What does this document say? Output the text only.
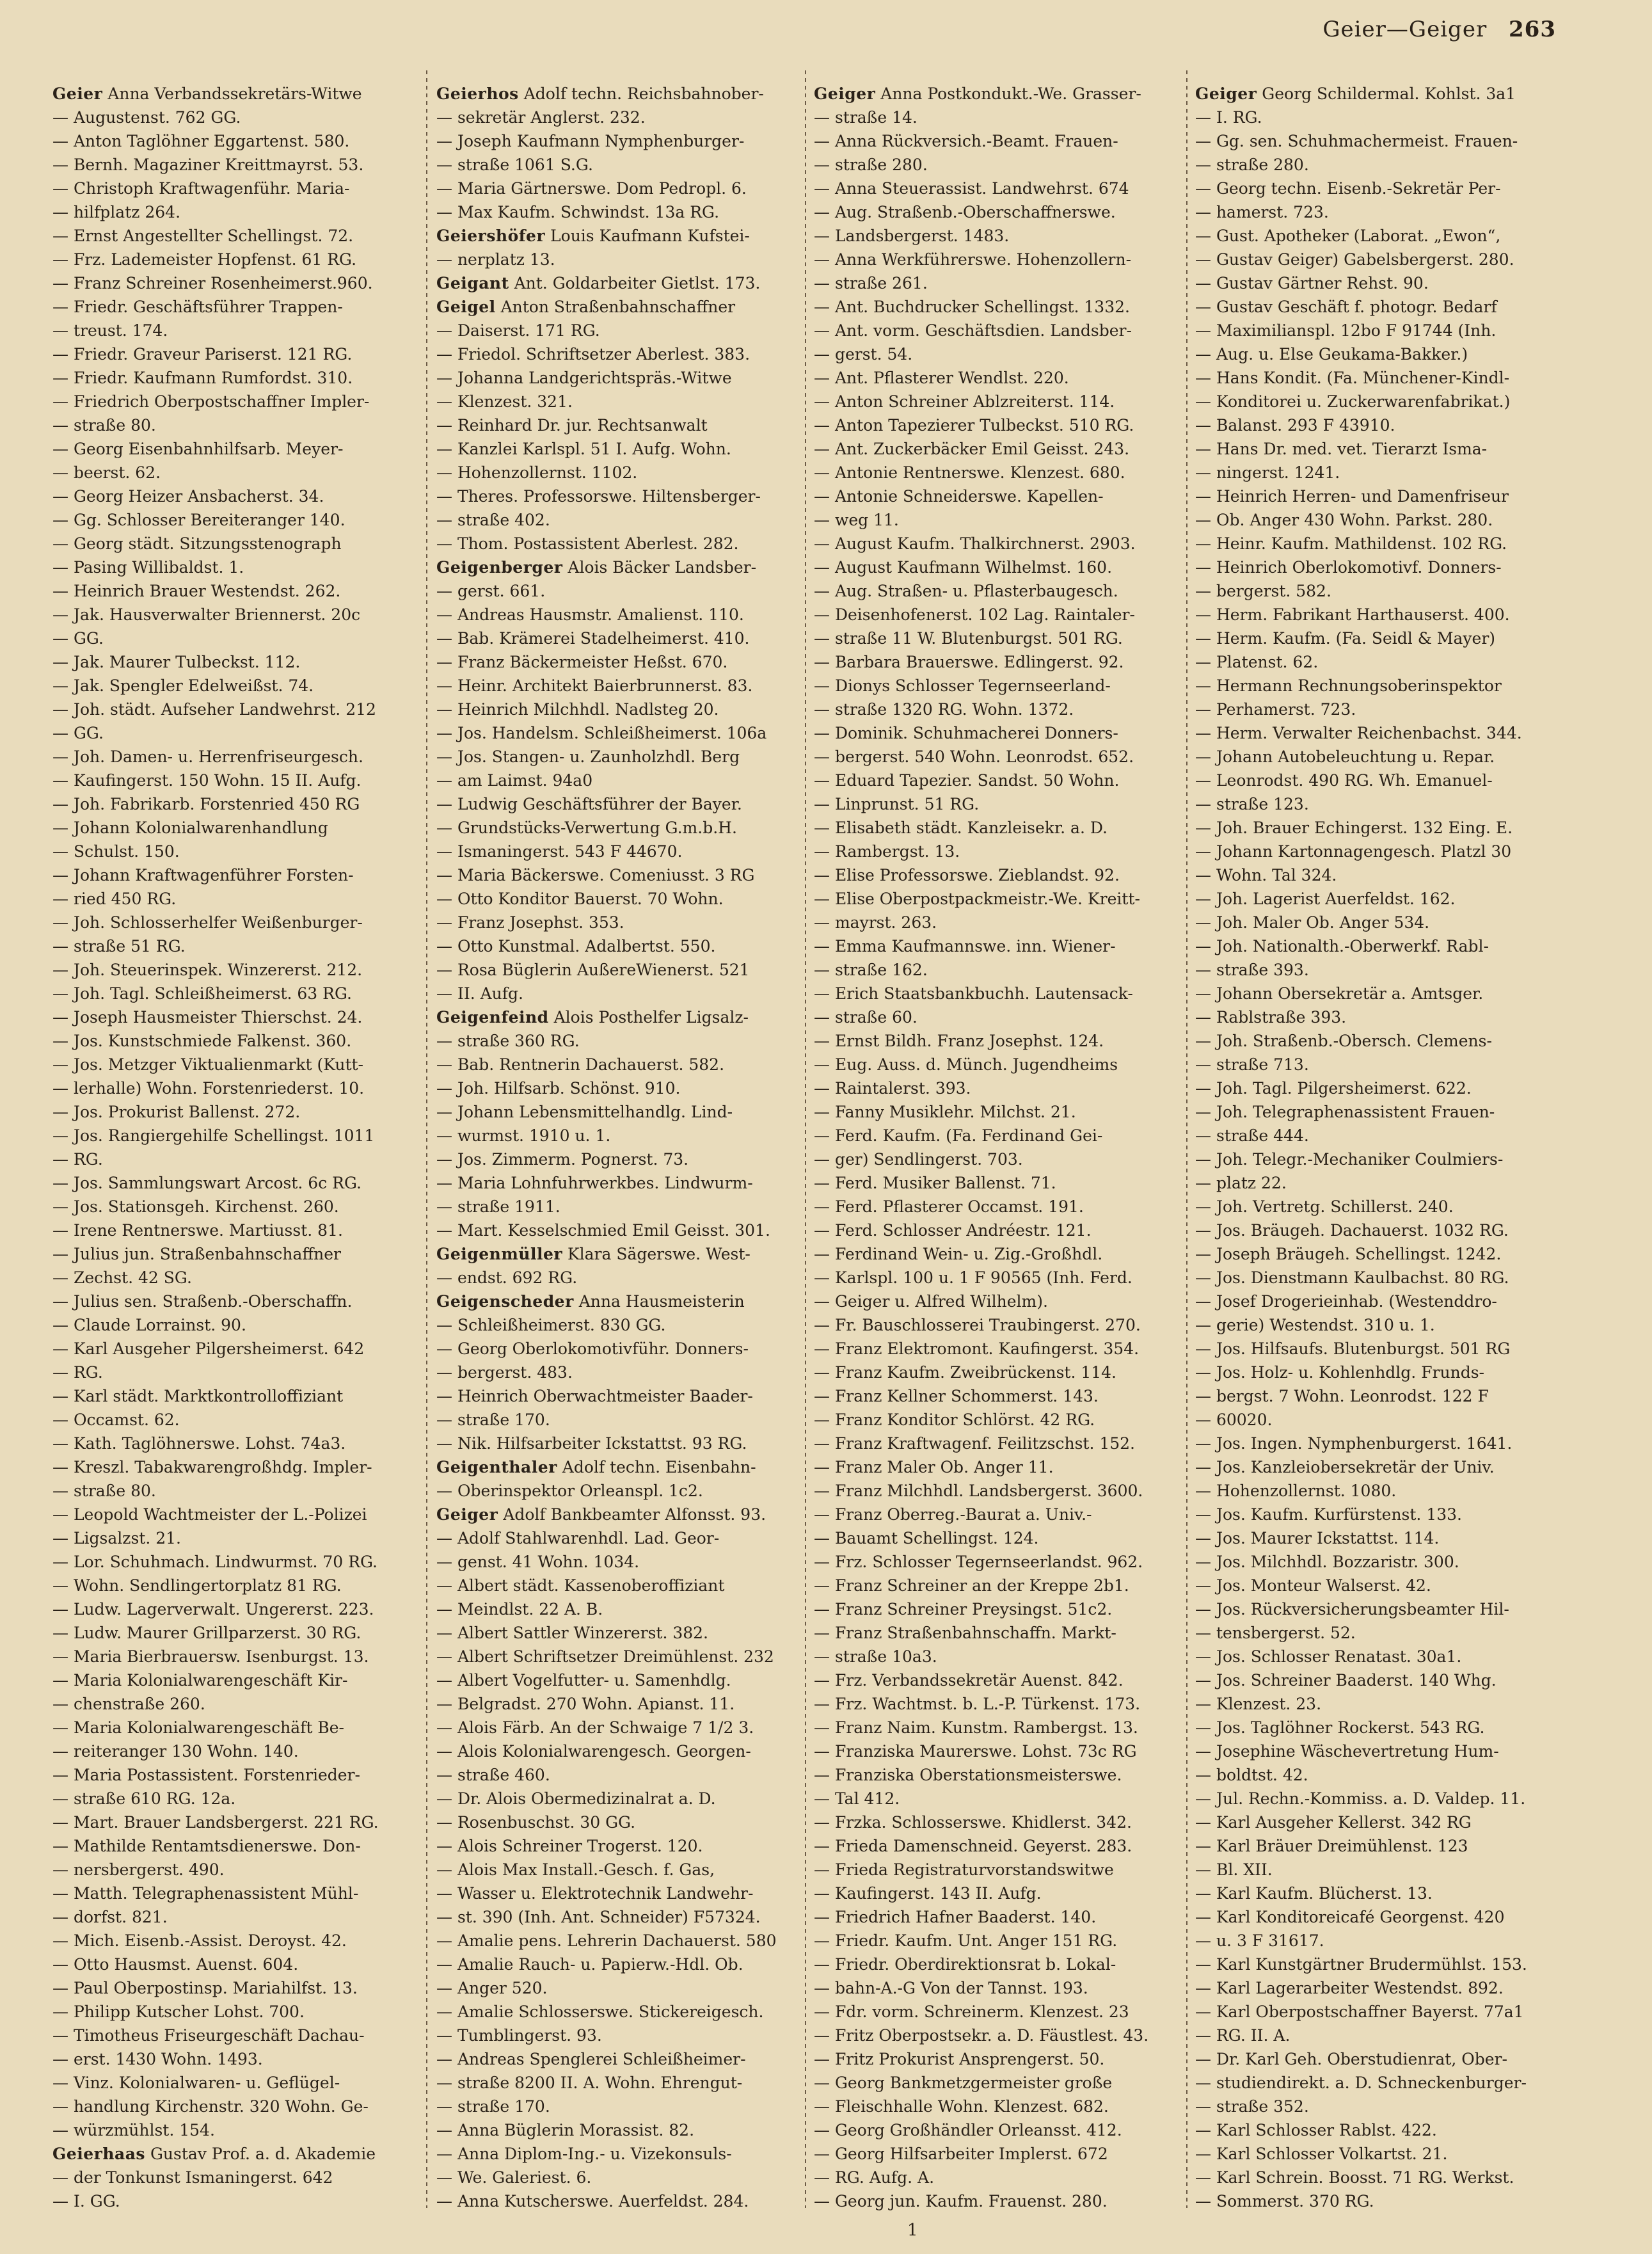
Geier—Geiger 263

Geier Anna Verbandssekretärs-Witwe

— Augustenst. 762 GG.

— Anton Taglöhner Eggartenst. 580.

— Bernh. Magaziner Kreittmayrst. 53.

— Christoph Kraftwagenführ. Maria-

— hilfplatz 264.

— Ernst Angestellter Schellingst. 72.

— Frz. Lademeister Hopfenst. 61 RG.

— Franz Schreiner Rosenheimerst.960.

— Friedr. Geschäftsführer Trappen-

— treust. 174.

— Friedr. Graveur Pariserst. 121 RG.

— Friedr. Kaufmann Rumfordst. 310.

— Friedrich Oberpostschaffner Impler-

— straße 80.

— Georg Eisenbahnhilfsarb. Meyer-

— beerst. 62.

— Georg Heizer Ansbacherst. 34.

— Gg. Schlosser Bereiteranger 140.

— Georg städt. Sitzungsstenograph

— Pasing Willibaldst. 1.

— Heinrich Brauer Westendst. 262.

— Jak. Hausverwalter Briennerst. 20c

— GG.

— Jak. Maurer Tulbeckst. 112.

— Jak. Spengler Edelweißst. 74.

— Joh. städt. Aufseher Landwehrst. 212

— GG.

— Joh. Damen- u. Herrenfriseurgesch.

— Kaufingerst. 150 Wohn. 15 II. Aufg.

— Joh. Fabrikarb. Forstenried 450 RG

— Johann Kolonialwarenhandlung

— Schulst. 150.

— Johann Kraftwagenführer Forsten-

— ried 450 RG.

— Joh. Schlosserhelfer Weißenburger-

— straße 51 RG.

— Joh. Steuerinspek. Winzererst. 212.

— Joh. Tagl. Schleißheimerst. 63 RG.

— Joseph Hausmeister Thierschst. 24.

— Jos. Kunstschmiede Falkenst. 360.

— Jos. Metzger Viktualienmarkt (Kutt-

— lerhalle) Wohn. Forstenriederst. 10.

— Jos. Prokurist Ballenst. 272.

— Jos. Rangiergehilfe Schellingst. 1011

— RG.

— Jos. Sammlungswart Arcost. 6c RG.

— Jos. Stationsgeh. Kirchenst. 260.

— Irene Rentnerswe. Martiusst. 81.

— Julius jun. Straßenbahnschaffner

— Zechst. 42 SG.

— Julius sen. Straßenb.-Oberschaffn.

— Claude Lorrainst. 90.

— Karl Ausgeher Pilgersheimerst. 642

— RG.

— Karl städt. Marktkontrolloffiziant

— Occamst. 62.

— Kath. Taglöhnerswe. Lohst. 74a3.

— Kreszl. Tabakwarengroßhdg. Impler-

— straße 80.

— Leopold Wachtmeister der L.-Polizei

— Ligsalzst. 21.

— Lor. Schuhmach. Lindwurmst. 70 RG.

— Wohn. Sendlingertorplatz 81 RG.

— Ludw. Lagerverwalt. Ungererst. 223.

— Ludw. Maurer Grillparzerst. 30 RG.

— Maria Bierbrauersw. Isenburgst. 13.

— Maria Kolonialwarengeschäft Kir-

— chenstraße 260.

— Maria Kolonialwarengeschäft Be-

— reiteranger 130 Wohn. 140.

— Maria Postassistent. Forstenrieder-

— straße 610 RG. 12a.

— Mart. Brauer Landsbergerst. 221 RG.

— Mathilde Rentamtsdienerswe. Don-

— nersbergerst. 490.

— Matth. Telegraphenassistent Mühl-

— dorfst. 821.

— Mich. Eisenb.-Assist. Deroyst. 42.

— Otto Hausmst. Auenst. 604.

— Paul Oberpostinsp. Mariahilfst. 13.

— Philipp Kutscher Lohst. 700.

— Timotheus Friseurgeschäft Dachau-

— erst. 1430 Wohn. 1493.

— Vinz. Kolonialwaren- u. Geflügel-

— handlung Kirchenstr. 320 Wohn. Ge-

— würzmühlst. 154.

Geierhaas Gustav Prof. a. d. Akademie

— der Tonkunst Ismaningerst. 642

— I. GG.

Geierhos Adolf techn. Reichsbahnober-

— sekretär Anglerst. 232.

— Joseph Kaufmann Nymphenburger-

— straße 1061 S.G.

— Maria Gärtnerswe. Dom Pedropl. 6.

— Max Kaufm. Schwindst. 13a RG.

Geiershöfer Louis Kaufmann Kufstei-

— nerplatz 13.

Geigant Ant. Goldarbeiter Gietlst. 173.

Geigel Anton Straßenbahnschaffner

— Daiserst. 171 RG.

— Friedol. Schriftsetzer Aberlest. 383.

— Johanna Landgerichtspräs.-Witwe

— Klenzest. 321.

— Reinhard Dr. jur. Rechtsanwalt

— Kanzlei Karlspl. 51 I. Aufg. Wohn.

— Hohenzollernst. 1102.

— Theres. Professorswe. Hiltensberger-

— straße 402.

— Thom. Postassistent Aberlest. 282.

Geigenberger Alois Bäcker Landsber-

— gerst. 661.

— Andreas Hausmstr. Amalienst. 110.

— Bab. Krämerei Stadelheimerst. 410.

— Franz Bäckermeister Heßst. 670.

— Heinr. Architekt Baierbrunnerst. 83.

— Heinrich Milchhdl. Nadlsteg 20.

— Jos. Handelsm. Schleißheimerst. 106a

— Jos. Stangen- u. Zaunholzhdl. Berg

— am Laimst. 94a0

— Ludwig Geschäftsführer der Bayer.

— Grundstücks-Verwertung G.m.b.H.

— Ismaningerst. 543 F 44670.

— Maria Bäckerswe. Comeniusst. 3 RG

— Otto Konditor Bauerst. 70 Wohn.

— Franz Josephst. 353.

— Otto Kunstmal. Adalbertst. 550.

— Rosa Büglerin AußereWienerst. 521

— II. Aufg.

Geigenfeind Alois Posthelfer Ligsalz-

— straße 360 RG.

— Bab. Rentnerin Dachauerst. 582.

— Joh. Hilfsarb. Schönst. 910.

— Johann Lebensmittelhandlg. Lind-

— wurmst. 1910 u. 1.

— Jos. Zimmerm. Pognerst. 73.

— Maria Lohnfuhrwerkbes. Lindwurm-

— straße 1911.

— Mart. Kesselschmied Emil Geisst. 301.

Geigenmüller Klara Sägerswe. West-

— endst. 692 RG.

Geigenscheder Anna Hausmeisterin

— Schleißheimerst. 830 GG.

— Georg Oberlokomotivführ. Donners-

— bergerst. 483.

— Heinrich Oberwachtmeister Baader-

— straße 170.

— Nik. Hilfsarbeiter Ickstattst. 93 RG.

Geigenthaler Adolf techn. Eisenbahn-

— Oberinspektor Orleanspl. 1c2.

Geiger Adolf Bankbeamter Alfonsst. 93.

— Adolf Stahlwarenhdl. Lad. Geor-

— genst. 41 Wohn. 1034.

— Albert städt. Kassenoberoffiziant

— Meindlst. 22 A. B.

— Albert Sattler Winzererst. 382.

— Albert Schriftsetzer Dreimühlenst. 232

— Albert Vogelfutter- u. Samenhdlg.

— Belgradst. 270 Wohn. Apianst. 11.

— Alois Färb. An der Schwaige 7 1/2 3.

— Alois Kolonialwarengesch. Georgen-

— straße 460.

— Dr. Alois Obermedizinalrat a. D.

— Rosenbuschst. 30 GG.

— Alois Schreiner Trogerst. 120.

— Alois Max Install.-Gesch. f. Gas,

— Wasser u. Elektrotechnik Landwehr-

— st. 390 (Inh. Ant. Schneider) F57324.

— Amalie pens. Lehrerin Dachauerst. 580

— Amalie Rauch- u. Papierw.-Hdl. Ob.

— Anger 520.

— Amalie Schlosserswe. Stickereigesch.

— Tumblingerst. 93.

— Andreas Spenglerei Schleißheimer-

— straße 8200 II. A. Wohn. Ehrengut-

— straße 170.

— Anna Büglerin Morassist. 82.

— Anna Diplom-Ing.- u. Vizekonsuls-

— We. Galeriest. 6.

— Anna Kutscherswe. Auerfeldst. 284.

Geiger Anna Postkondukt.-We. Grasser-

— straße 14.

— Anna Rückversich.-Beamt. Frauen-

— straße 280.

— Anna Steuerassist. Landwehrst. 674

— Aug. Straßenb.-Oberschaffnerswe.

— Landsbergerst. 1483.

— Anna Werkführerswe. Hohenzollern-

— straße 261.

— Ant. Buchdrucker Schellingst. 1332.

— Ant. vorm. Geschäftsdien. Landsber-

— gerst. 54.

— Ant. Pflasterer Wendlst. 220.

— Anton Schreiner Ablzreiterst. 114.

— Anton Tapezierer Tulbeckst. 510 RG.

— Ant. Zuckerbäcker Emil Geisst. 243.

— Antonie Rentnerswe. Klenzest. 680.

— Antonie Schneiderswe. Kapellen-

— weg 11.

— August Kaufm. Thalkirchnerst. 2903.

— August Kaufmann Wilhelmst. 160.

— Aug. Straßen- u. Pflasterbaugesch.

— Deisenhofenerst. 102 Lag. Raintaler-

— straße 11 W. Blutenburgst. 501 RG.

— Barbara Brauerswe. Edlingerst. 92.

— Dionys Schlosser Tegernseerland-

— straße 1320 RG. Wohn. 1372.

— Dominik. Schuhmacherei Donners-

— bergerst. 540 Wohn. Leonrodst. 652.

— Eduard Tapezier. Sandst. 50 Wohn.

— Linprunst. 51 RG.

— Elisabeth städt. Kanzleisekr. a. D.

— Rambergst. 13.

— Elise Professorswe. Zieblandst. 92.

— Elise Oberpostpackmeistr.-We. Kreitt-

— mayrst. 263.

— Emma Kaufmannswe. inn. Wiener-

— straße 162.

— Erich Staatsbankbuchh. Lautensack-

— straße 60.

— Ernst Bildh. Franz Josephst. 124.

— Eug. Auss. d. Münch. Jugendheims

— Raintalerst. 393.

— Fanny Musiklehr. Milchst. 21.

— Ferd. Kaufm. (Fa. Ferdinand Gei-

— ger) Sendlingerst. 703.

— Ferd. Musiker Ballenst. 71.

— Ferd. Pflasterer Occamst. 191.

— Ferd. Schlosser Andréestr. 121.

— Ferdinand Wein- u. Zig.-Großhdl.

— Karlspl. 100 u. 1 F 90565 (Inh. Ferd.

— Geiger u. Alfred Wilhelm).

— Fr. Bauschlosserei Traubingerst. 270.

— Franz Elektromont. Kaufingerst. 354.

— Franz Kaufm. Zweibrückenst. 114.

— Franz Kellner Schommerst. 143.

— Franz Konditor Schlörst. 42 RG.

— Franz Kraftwagenf. Feilitzschst. 152.

— Franz Maler Ob. Anger 11.

— Franz Milchhdl. Landsbergerst. 3600.

— Franz Oberreg.-Baurat a. Univ.-

— Bauamt Schellingst. 124.

— Frz. Schlosser Tegernseerlandst. 962.

— Franz Schreiner an der Kreppe 2b1.

— Franz Schreiner Preysingst. 51c2.

— Franz Straßenbahnschaffn. Markt-

— straße 10a3.

— Frz. Verbandssekretär Auenst. 842.

— Frz. Wachtmst. b. L.-P. Türkenst. 173.

— Franz Naim. Kunstm. Rambergst. 13.

— Franziska Maurerswe. Lohst. 73c RG

— Franziska Oberstationsmeisterswe.

— Tal 412.

— Frzka. Schlosserswe. Khidlerst. 342.

— Frieda Damenschneid. Geyerst. 283.

— Frieda Registraturvorstandswitwe

— Kaufingerst. 143 II. Aufg.

— Friedrich Hafner Baaderst. 140.

— Friedr. Kaufm. Unt. Anger 151 RG.

— Friedr. Oberdirektionsrat b. Lokal-

— bahn-A.-G Von der Tannst. 193.

— Fdr. vorm. Schreinerm. Klenzest. 23

— Fritz Oberpostsekr. a. D. Fäustlest. 43.

— Fritz Prokurist Ansprengerst. 50.

— Georg Bankmetzgermeister große

— Fleischhalle Wohn. Klenzest. 682.

— Georg Großhändler Orleansst. 412.

— Georg Hilfsarbeiter Implerst. 672

— RG. Aufg. A.

— Georg jun. Kaufm. Frauenst. 280.

Geiger Georg Schildermal. Kohlst. 3a1

— I. RG.

— Gg. sen. Schuhmachermeist. Frauen-

— straße 280.

— Georg techn. Eisenb.-Sekretär Per-

— hamerst. 723.

— Gust. Apotheker (Laborat. „Ewon“,

— Gustav Geiger) Gabelsbergerst. 280.

— Gustav Gärtner Rehst. 90.

— Gustav Geschäft f. photogr. Bedarf

— Maximilianspl. 12bo F 91744 (Inh.

— Aug. u. Else Geukama-Bakker.)

— Hans Kondit. (Fa. Münchener-Kindl-

— Konditorei u. Zuckerwarenfabrikat.)

— Balanst. 293 F 43910.

— Hans Dr. med. vet. Tierarzt Isma-

— ningerst. 1241.

— Heinrich Herren- und Damenfriseur

— Ob. Anger 430 Wohn. Parkst. 280.

— Heinr. Kaufm. Mathildenst. 102 RG.

— Heinrich Oberlokomotivf. Donners-

— bergerst. 582.

— Herm. Fabrikant Harthauserst. 400.

— Herm. Kaufm. (Fa. Seidl & Mayer)

— Platenst. 62.

— Hermann Rechnungsoberinspektor

— Perhamerst. 723.

— Herm. Verwalter Reichenbachst. 344.

— Johann Autobeleuchtung u. Repar.

— Leonrodst. 490 RG. Wh. Emanuel-

— straße 123.

— Joh. Brauer Echingerst. 132 Eing. E.

— Johann Kartonnagengesch. Platzl 30

— Wohn. Tal 324.

— Joh. Lagerist Auerfeldst. 162.

— Joh. Maler Ob. Anger 534.

— Joh. Nationalth.-Oberwerkf. Rabl-

— straße 393.

— Johann Obersekretär a. Amtsger.

— Rablstraße 393.

— Joh. Straßenb.-Obersch. Clemens-

— straße 713.

— Joh. Tagl. Pilgersheimerst. 622.

— Joh. Telegraphenassistent Frauen-

— straße 444.

— Joh. Telegr.-Mechaniker Coulmiers-

— platz 22.

— Joh. Vertretg. Schillerst. 240.

— Jos. Bräugeh. Dachauerst. 1032 RG.

— Joseph Bräugeh. Schellingst. 1242.

— Jos. Dienstmann Kaulbachst. 80 RG.

— Josef Drogerieinhab. (Westenddro-

— gerie) Westendst. 310 u. 1.

— Jos. Hilfsaufs. Blutenburgst. 501 RG

— Jos. Holz- u. Kohlenhdlg. Frunds-

— bergst. 7 Wohn. Leonrodst. 122 F

— 60020.

— Jos. Ingen. Nymphenburgerst. 1641.

— Jos. Kanzleiobersekretär der Univ.

— Hohenzollernst. 1080.

— Jos. Kaufm. Kurfürstenst. 133.

— Jos. Maurer Ickstattst. 114.

— Jos. Milchhdl. Bozzaristr. 300.

— Jos. Monteur Walserst. 42.

— Jos. Rückversicherungsbeamter Hil-

— tensbergerst. 52.

— Jos. Schlosser Renatast. 30a1.

— Jos. Schreiner Baaderst. 140 Whg.

— Klenzest. 23.

— Jos. Taglöhner Rockerst. 543 RG.

— Josephine Wäschevertretung Hum-

— boldtst. 42.

— Jul. Rechn.-Kommiss. a. D. Valdep. 11.

— Karl Ausgeher Kellerst. 342 RG

— Karl Bräuer Dreimühlenst. 123

— Bl. XII.

— Karl Kaufm. Blücherst. 13.

— Karl Konditoreicafé Georgenst. 420

— u. 3 F 31617.

— Karl Kunstgärtner Brudermühlst. 153.

— Karl Lagerarbeiter Westendst. 892.

— Karl Oberpostschaffner Bayerst. 77a1

— RG. II. A.

— Dr. Karl Geh. Oberstudienrat, Ober-

— studiendirekt. a. D. Schneckenburger-

— straße 352.

— Karl Schlosser Rablst. 422.

— Karl Schlosser Volkartst. 21.

— Karl Schrein. Boosst. 71 RG. Werkst.

— Sommerst. 370 RG.

1
